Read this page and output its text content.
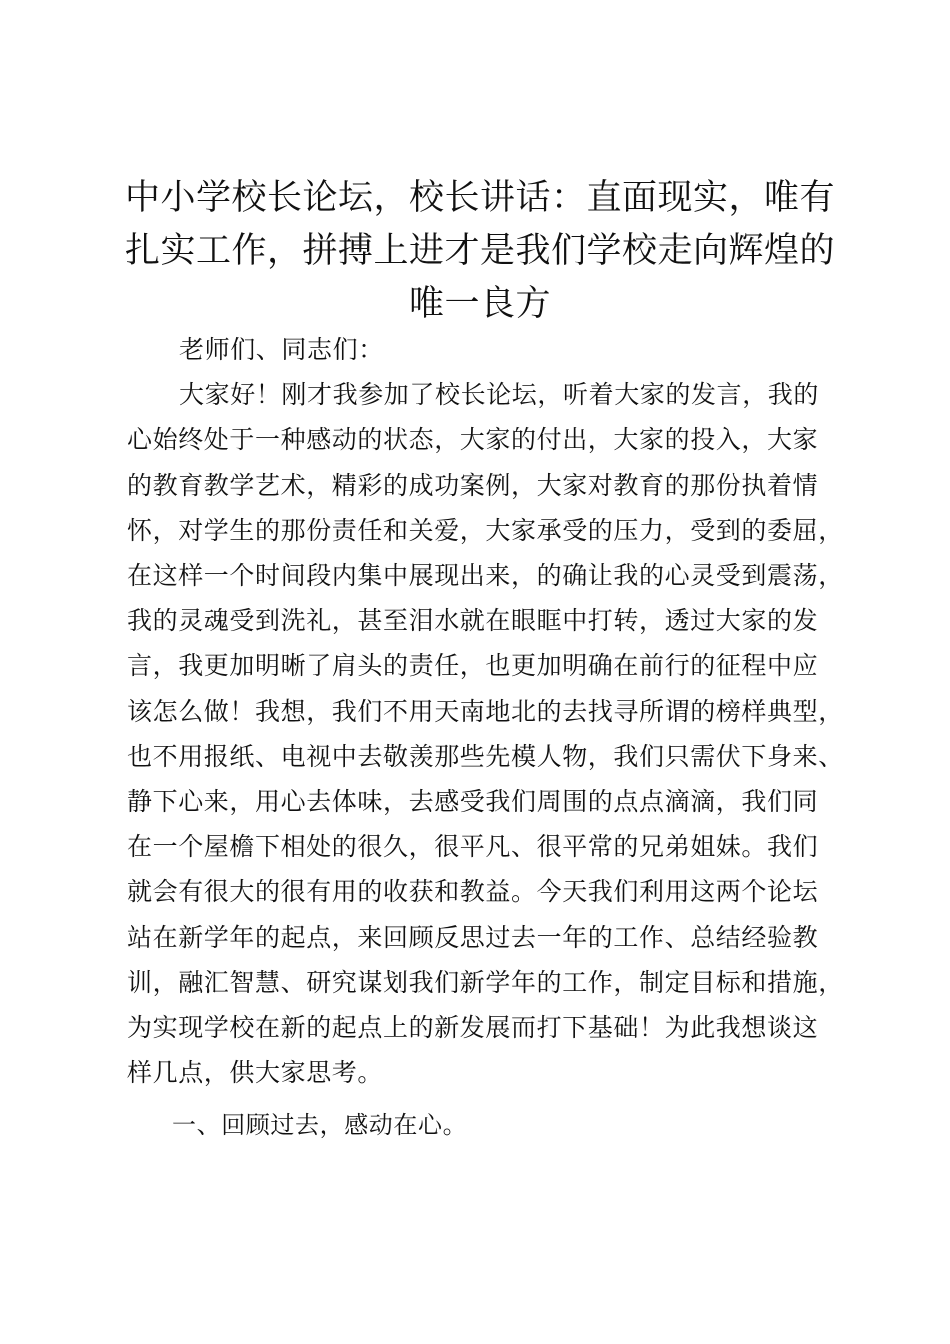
中小学校长论坛，校长讲话：直面现实，唯有
扎实工作，拼搏上进才是我们学校走向辉煌的
唯一良方
老师们、同志们：
大家好！刚才我参加了校长论坛，听着大家的发言，我的
心始终处于一种感动的状态，大家的付出，大家的投入，大家
的教育教学艺术，精彩的成功案例，大家对教育的那份执着情
怀，对学生的那份责任和关爱，大家承受的压力，受到的委屈，
在这样一个时间段内集中展现出来，的确让我的心灵受到震荡，
我的灵魂受到洗礼，甚至泪水就在眼眶中打转，透过大家的发
言，我更加明晰了肩头的责任，也更加明确在前行的征程中应
该怎么做！我想，我们不用天南地北的去找寻所谓的榜样典型，
也不用报纸、电视中去敬羡那些先模人物，我们只需伏下身来、
静下心来，用心去体味，去感受我们周围的点点滴滴，我们同
在一个屋檐下相处的很久，很平凡、很平常的兄弟姐妹。我们
就会有很大的很有用的收获和教益。今天我们利用这两个论坛
站在新学年的起点，来回顾反思过去一年的工作、总结经验教
训，融汇智慧、研究谋划我们新学年的工作，制定目标和措施，
为实现学校在新的起点上的新发展而打下基础！为此我想谈这
样几点，供大家思考。
一、回顾过去，感动在心。
